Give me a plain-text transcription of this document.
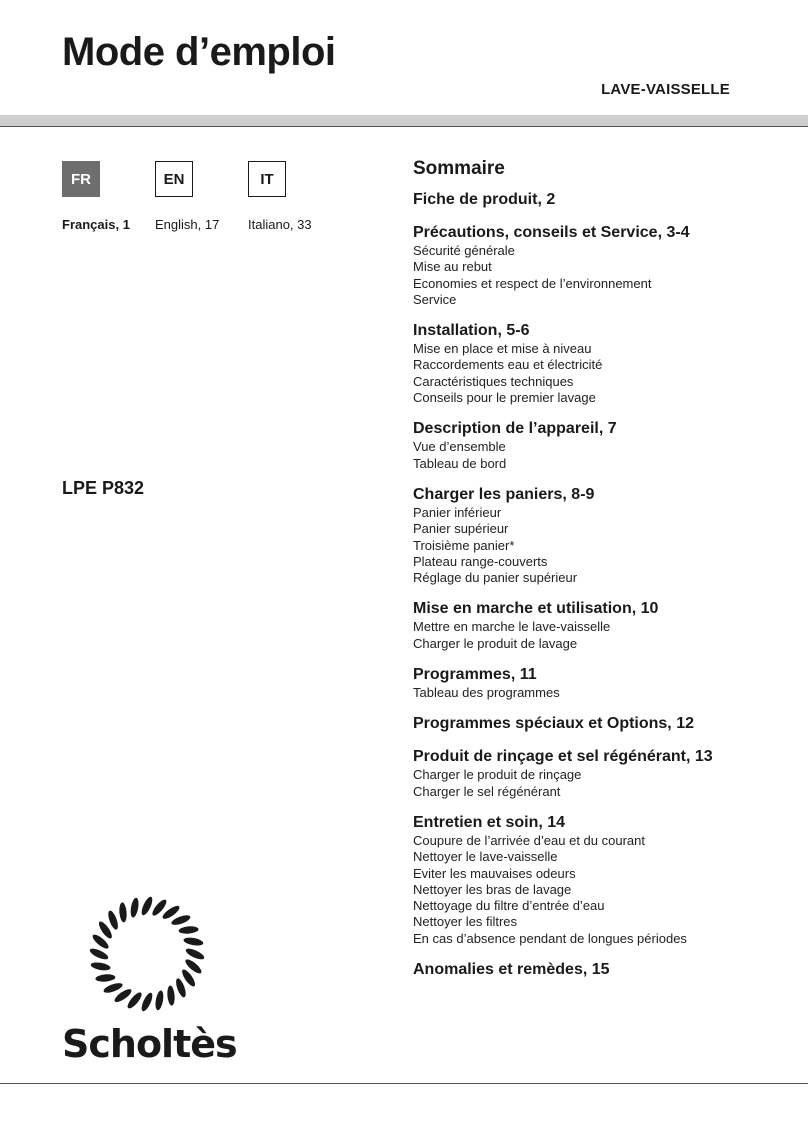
Mode d’emploi
LAVE-VAISSELLE
FR	EN	IT
Français, 1 English, 17 Italiano, 33
LPE P832
Sommaire
Fiche de produit, 2
Précautions, conseils et Service, 3-4
Sécurité générale
Mise au rebut
Economies et respect de l’environnement
Service
Installation, 5-6
Mise en place et mise à niveau
Raccordements eau et électricité
Caractéristiques techniques
Conseils pour le premier lavage
Description de l’appareil, 7
Vue d’ensemble
Tableau de bord
Charger les paniers, 8-9
Panier inférieur
Panier supérieur
Troisième panier*
Plateau range-couverts
Réglage du panier supérieur
Mise en marche et utilisation, 10
Mettre en marche le lave-vaisselle
Charger le produit de lavage
Programmes, 11
Tableau des programmes
Programmes spéciaux et Options, 12
Produit de rinçage et sel régénérant, 13
Charger le produit de rinçage
Charger le sel régénérant
Entretien et soin, 14
Coupure de l’arrivée d’eau et du courant
Nettoyer le lave-vaisselle
Eviter les mauvaises odeurs
Nettoyer les bras de lavage
Nettoyage du filtre d’entrée d’eau
Nettoyer les filtres
En cas d’absence pendant de longues périodes
Anomalies et remèdes, 15
Scholtès
